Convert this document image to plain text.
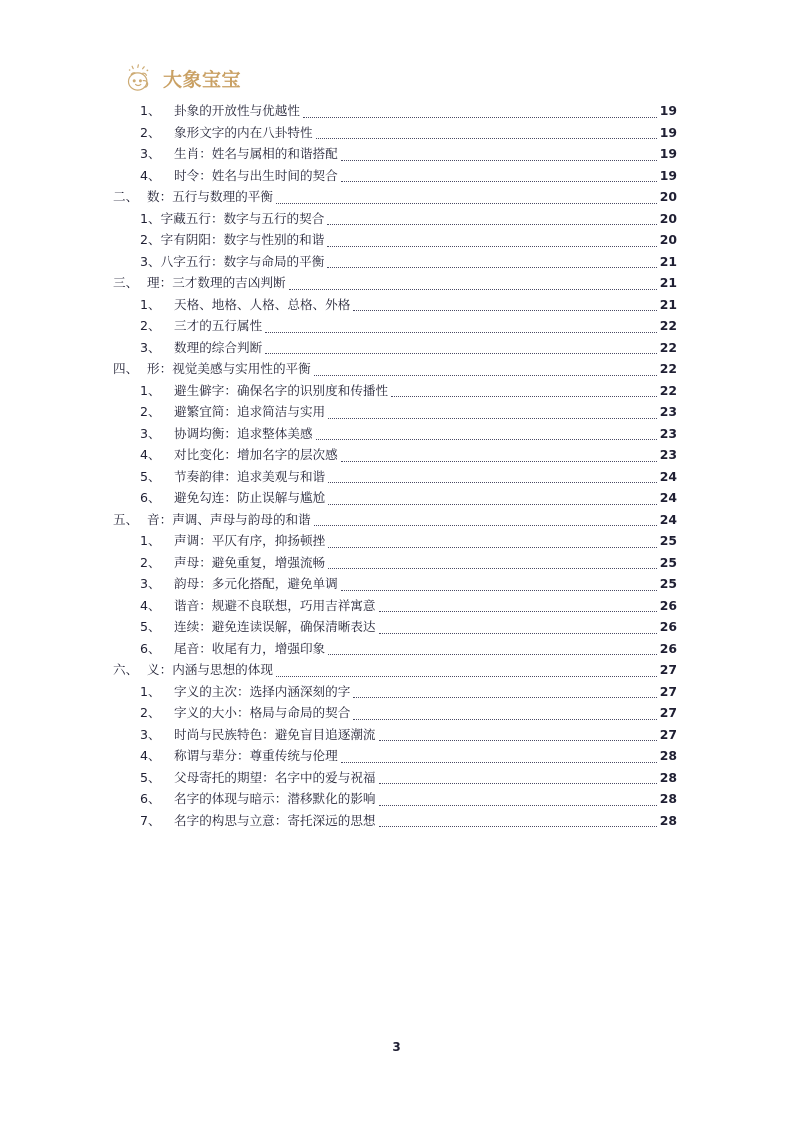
大象宝宝
1、	卦象的开放性与优越性	19
2、	象形文字的内在八卦特性	19
3、	生肖：姓名与属相的和谐搭配	19
4、	时令：姓名与出生时间的契合	19
二、 数：五行与数理的平衡	20
1、 字藏五行：数字与五行的契合	20
2、 字有阴阳：数字与性别的和谐	20
3、 八字五行：数字与命局的平衡	21
三、 理：三才数理的吉凶判断	21
1、	天格、地格、人格、总格、外格	21
2、	三才的五行属性	22
3、	数理的综合判断	22
四、 形：视觉美感与实用性的平衡	22
1、	避生僻字：确保名字的识别度和传播性	22
2、	避繁宜简：追求简洁与实用	23
3、	协调均衡：追求整体美感	23
4、	对比变化：增加名字的层次感	23
5、	节奏韵律：追求美观与和谐	24
6、	避免勾连：防止误解与尴尬	24
五、 音：声调、声母与韵母的和谐	24
1、	声调：平仄有序，抑扬顿挫	25
2、	声母：避免重复，增强流畅	25
3、	韵母：多元化搭配，避免单调	25
4、	谐音：规避不良联想，巧用吉祥寓意	26
5、	连续：避免连读误解，确保清晰表达	26
6、	尾音：收尾有力，增强印象	26
六、 义：内涵与思想的体现	27
1、	字义的主次：选择内涵深刻的字	27
2、	字义的大小：格局与命局的契合	27
3、	时尚与民族特色：避免盲目追逐潮流	27
4、	称谓与辈分：尊重传统与伦理	28
5、	父母寄托的期望：名字中的爱与祝福	28
6、	名字的体现与暗示：潜移默化的影响	28
7、	名字的构思与立意：寄托深远的思想	28
3
